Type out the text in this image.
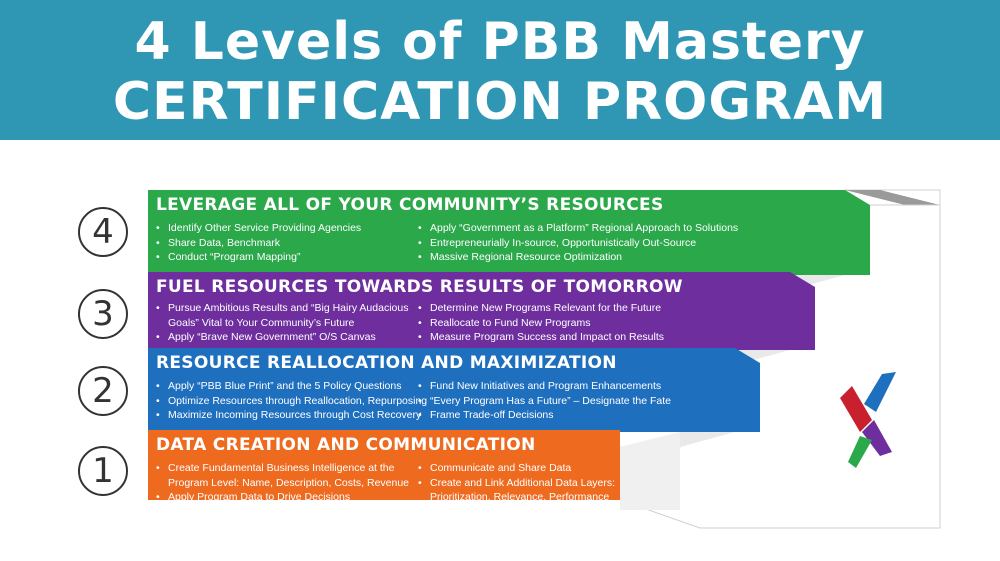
4 Levels of PBB Mastery
CERTIFICATION PROGRAM
4
3
2
1
LEVERAGE ALL OF YOUR COMMUNITY’S RESOURCES
• Identify Other Service Providing Agencies
• Share Data, Benchmark
• Conduct “Program Mapping”
• Apply “Government as a Platform” Regional Approach to Solutions
• Entrepreneurially In-source, Opportunistically Out-Source
• Massive Regional Resource Optimization
FUEL RESOURCES TOWARDS RESULTS OF TOMORROW
• Pursue Ambitious Results and “Big Hairy Audacious
Goals” Vital to Your Community’s Future
• Apply “Brave New Government” O/S Canvas
• Determine New Programs Relevant for the Future
• Reallocate to Fund New Programs
• Measure Program Success and Impact on Results
RESOURCE REALLOCATION AND MAXIMIZATION
• Apply “PBB Blue Print” and the 5 Policy Questions
• Optimize Resources through Reallocation, Repurposing
• Maximize Incoming Resources through Cost Recovery
• Fund New Initiatives and Program Enhancements
• “Every Program Has a Future” – Designate the Fate
• Frame Trade-off Decisions
DATA CREATION AND COMMUNICATION
• Create Fundamental Business Intelligence at the
Program Level: Name, Description, Costs, Revenue
• Apply Program Data to Drive Decisions
• Communicate and Share Data
• Create and Link Additional Data Layers:
Prioritization, Relevance, Performance
